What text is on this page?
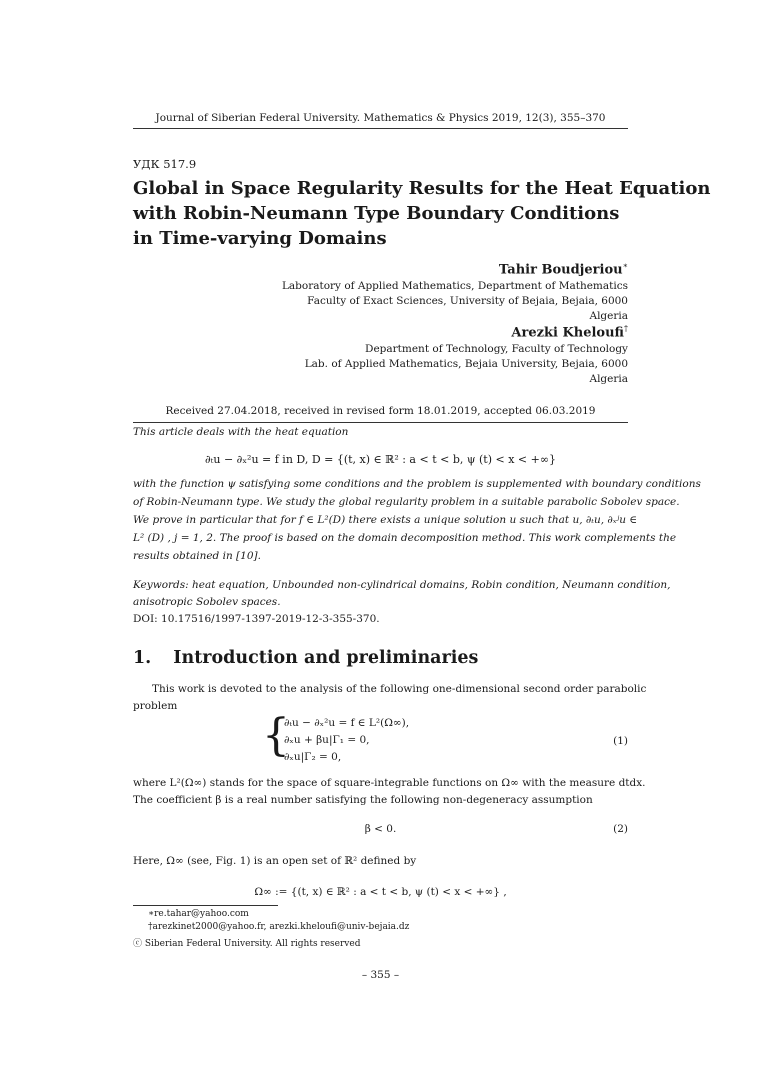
Journal of Siberian Federal University. Mathematics & Physics 2019, 12(3), 355–370
УДК 517.9
Global in Space Regularity Results for the Heat Equation
with Robin-Neumann Type Boundary Conditions
in Time-varying Domains
Tahir Boudjeriou∗
Laboratory of Applied Mathematics, Department of Mathematics
Faculty of Exact Sciences, University of Bejaia, Bejaia, 6000
Algeria
Arezki Kheloufi†
Department of Technology, Faculty of Technology
Lab. of Applied Mathematics, Bejaia University, Bejaia, 6000
Algeria
Received 27.04.2018, received in revised form 18.01.2019, accepted 06.03.2019
This article deals with the heat equation
∂ₜu − ∂ₓ²u = f in D, D = {(t, x) ∈ ℝ² : a < t < b, ψ (t) < x < +∞}
with the function ψ satisfying some conditions and the problem is supplemented with boundary conditions
of Robin-Neumann type. We study the global regularity problem in a suitable parabolic Sobolev space.
We prove in particular that for f ∈ L²(D) there exists a unique solution u such that u, ∂ₜu, ∂ₓʲu ∈
L² (D) , j = 1, 2. The proof is based on the domain decomposition method. This work complements the
results obtained in [10].
Keywords: heat equation, Unbounded non-cylindrical domains, Robin condition, Neumann condition,
anisotropic Sobolev spaces.
DOI: 10.17516/1997-1397-2019-12-3-355-370.
1. Introduction and preliminaries
This work is devoted to the analysis of the following one-dimensional second order parabolic
problem
{
∂ₜu − ∂ₓ²u = f ∈ L²(Ω∞),
∂ₓu + βu|Γ₁ = 0,
∂ₓu|Γ₂ = 0,
(1)
where L²(Ω∞) stands for the space of square-integrable functions on Ω∞ with the measure dtdx.
The coefficient β is a real number satisfying the following non-degeneracy assumption
β < 0.	(2)
Here, Ω∞ (see, Fig. 1) is an open set of ℝ² defined by
Ω∞ := {(t, x) ∈ ℝ² : a < t < b, ψ (t) < x < +∞} ,
∗re.tahar@yahoo.com
†arezkinet2000@yahoo.fr, arezki.kheloufi@univ-bejaia.dz
ⓒ Siberian Federal University. All rights reserved
– 355 –
